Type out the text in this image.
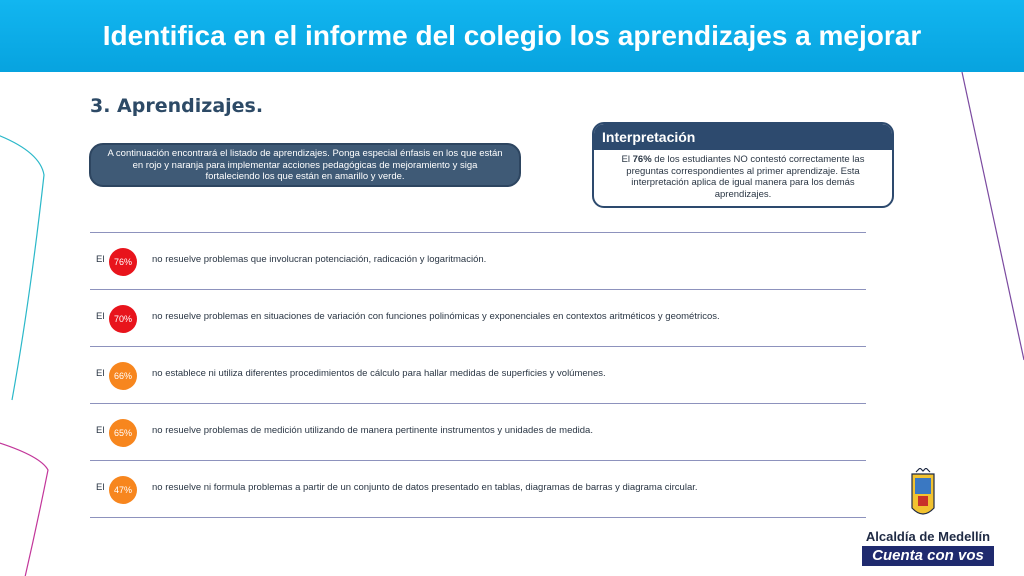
Identifica en el informe del colegio los aprendizajes a mejorar
3. Aprendizajes.
A continuación encontrará el listado de aprendizajes. Ponga especial énfasis en los que están en rojo y naranja para implementar acciones pedagógicas de mejoramiento y siga fortaleciendo los que están en amarillo y verde.
Interpretación
El 76% de los estudiantes NO contestó correctamente las preguntas correspondientes al primer aprendizaje. Esta interpretación aplica de igual manera para los demás aprendizajes.
El	76%	no resuelve problemas que involucran potenciación, radicación y logaritmación.
El	70%	no resuelve problemas en situaciones de variación con funciones polinómicas y exponenciales en contextos aritméticos y geométricos.
El	66%	no establece ni utiliza diferentes procedimientos de cálculo para hallar medidas de superficies y volúmenes.
El	65%	no resuelve problemas de medición utilizando de manera pertinente instrumentos y unidades de medida.
El	47%	no resuelve ni formula problemas a partir de un conjunto de datos presentado en tablas, diagramas de barras y diagrama circular.
Alcaldía de Medellín
Cuenta con vos
